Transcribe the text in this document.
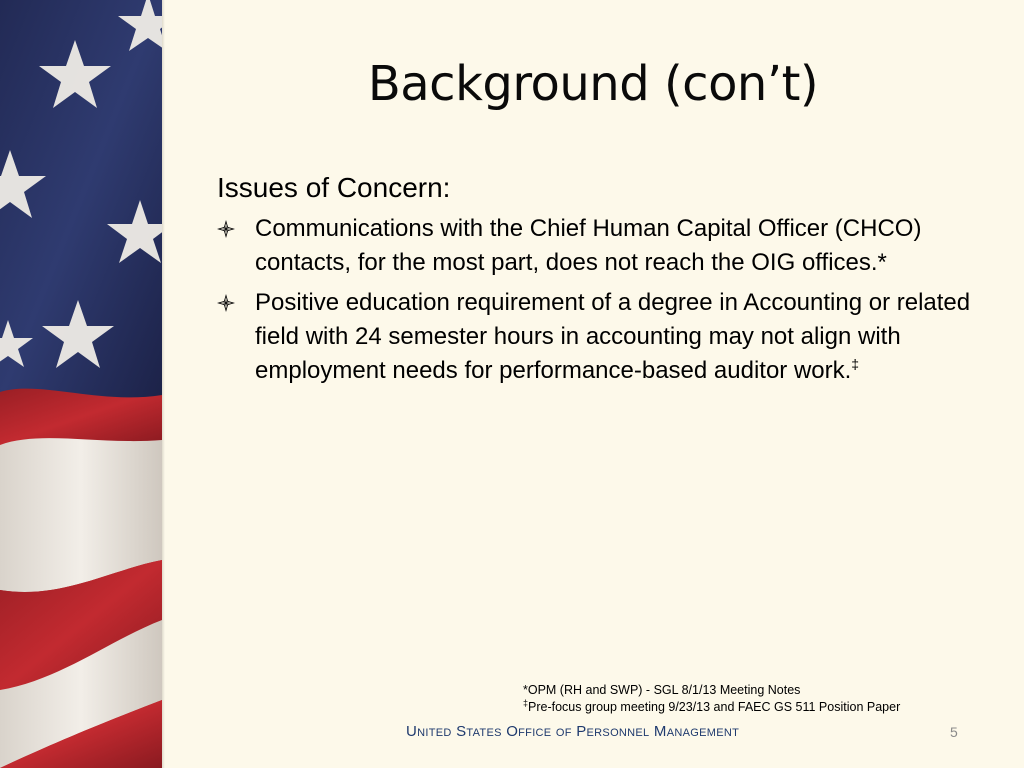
Background (con’t)
Issues of Concern:
Communications with the Chief Human Capital Officer (CHCO) contacts, for the most part, does not reach the OIG offices.*
Positive education requirement of a degree in Accounting or related field with 24 semester hours in accounting may not align with employment needs for performance-based auditor work.‡
*OPM (RH and SWP) - SGL 8/1/13 Meeting Notes
‡Pre-focus group meeting 9/23/13 and FAEC GS 511 Position Paper
United States Office of Personnel Management	5
